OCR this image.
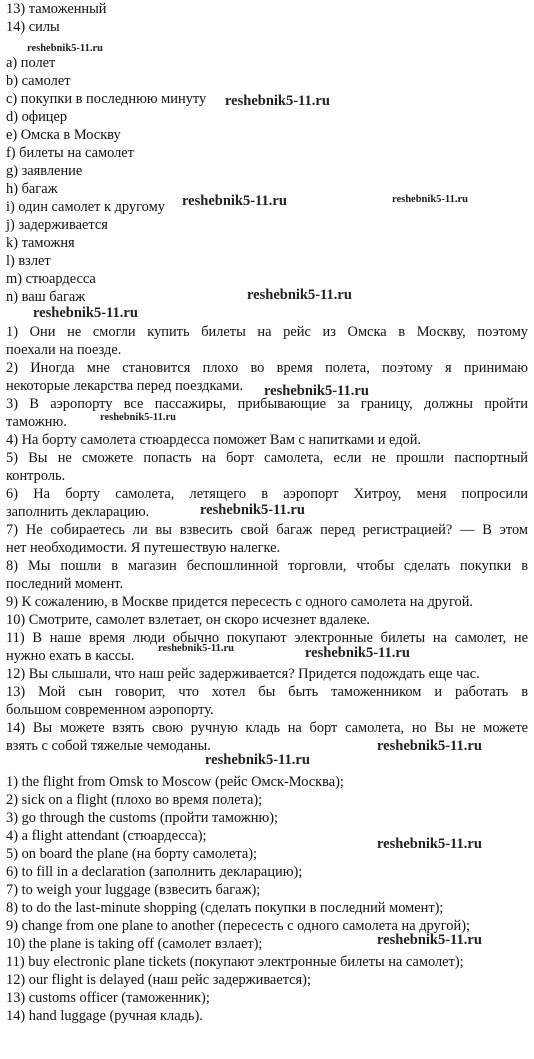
13) таможенный
14) силы
a) полет
b) самолет
c) покупки в последнюю минуту
d) офицер
e) Омска в Москву
f) билеты на самолет
g) заявление
h) багаж
i) один самолет к другому
j) задерживается
k) таможня
l) взлет
m) стюардесса
n) ваш багаж
1) Они не смогли купить билеты на рейс из Омска в Москву, поэтому
поехали на поезде.
2) Иногда мне становится плохо во время полета, поэтому я принимаю
некоторые лекарства перед поездками.
3) В аэропорту все пассажиры, прибывающие за границу, должны пройти
таможню.
4) На борту самолета стюардесса поможет Вам с напитками и едой.
5) Вы не сможете попасть на борт самолета, если не прошли паспортный
контроль.
6) На борту самолета, летящего в аэропорт Хитроу, меня попросили
заполнить декларацию.
7) Не собираетесь ли вы взвесить свой багаж перед регистрацией? — В этом
нет необходимости. Я путешествую налегке.
8) Мы пошли в магазин беспошлинной торговли, чтобы сделать покупки в
последний момент.
9) К сожалению, в Москве придется пересесть с одного самолета на другой.
10) Смотрите, самолет взлетает, он скоро исчезнет вдалеке.
11) В наше время люди обычно покупают электронные билеты на самолет, не
нужно ехать в кассы.
12) Вы слышали, что наш рейс задерживается? Придется подождать еще час.
13) Мой сын говорит, что хотел бы быть таможенником и работать в
большом современном аэропорту.
14) Вы можете взять свою ручную кладь на борт самолета, но Вы не можете
взять с собой тяжелые чемоданы.
1) the flight from Omsk to Moscow (рейс Омск-Москва);
2) sick on a flight (плохо во время полета);
3) go through the customs (пройти таможню);
4) a flight attendant (стюардесса);
5) on board the plane (на борту самолета);
6) to fill in a declaration (заполнить декларацию);
7) to weigh your luggage (взвесить багаж);
8) to do the last-minute shopping (сделать покупки в последний момент);
9) change from one plane to another (пересесть с одного самолета на другой);
10) the plane is taking off (самолет взлает);
11) buy electronic plane tickets (покупают электронные билеты на самолет);
12) our flight is delayed (наш рейс задерживается);
13) customs officer (таможенник);
14) hand luggage (ручная кладь).
reshebnik5-11.ru
reshebnik5-11.ru
reshebnik5-11.ru	reshebnik5-11.ru
reshebnik5-11.ru
reshebnik5-11.ru
reshebnik5-11.ru
reshebnik5-11.ru
reshebnik5-11.ru
reshebnik5-11.ru	reshebnik5-11.ru
reshebnik5-11.ru
reshebnik5-11.ru
reshebnik5-11.ru
reshebnik5-11.ru
